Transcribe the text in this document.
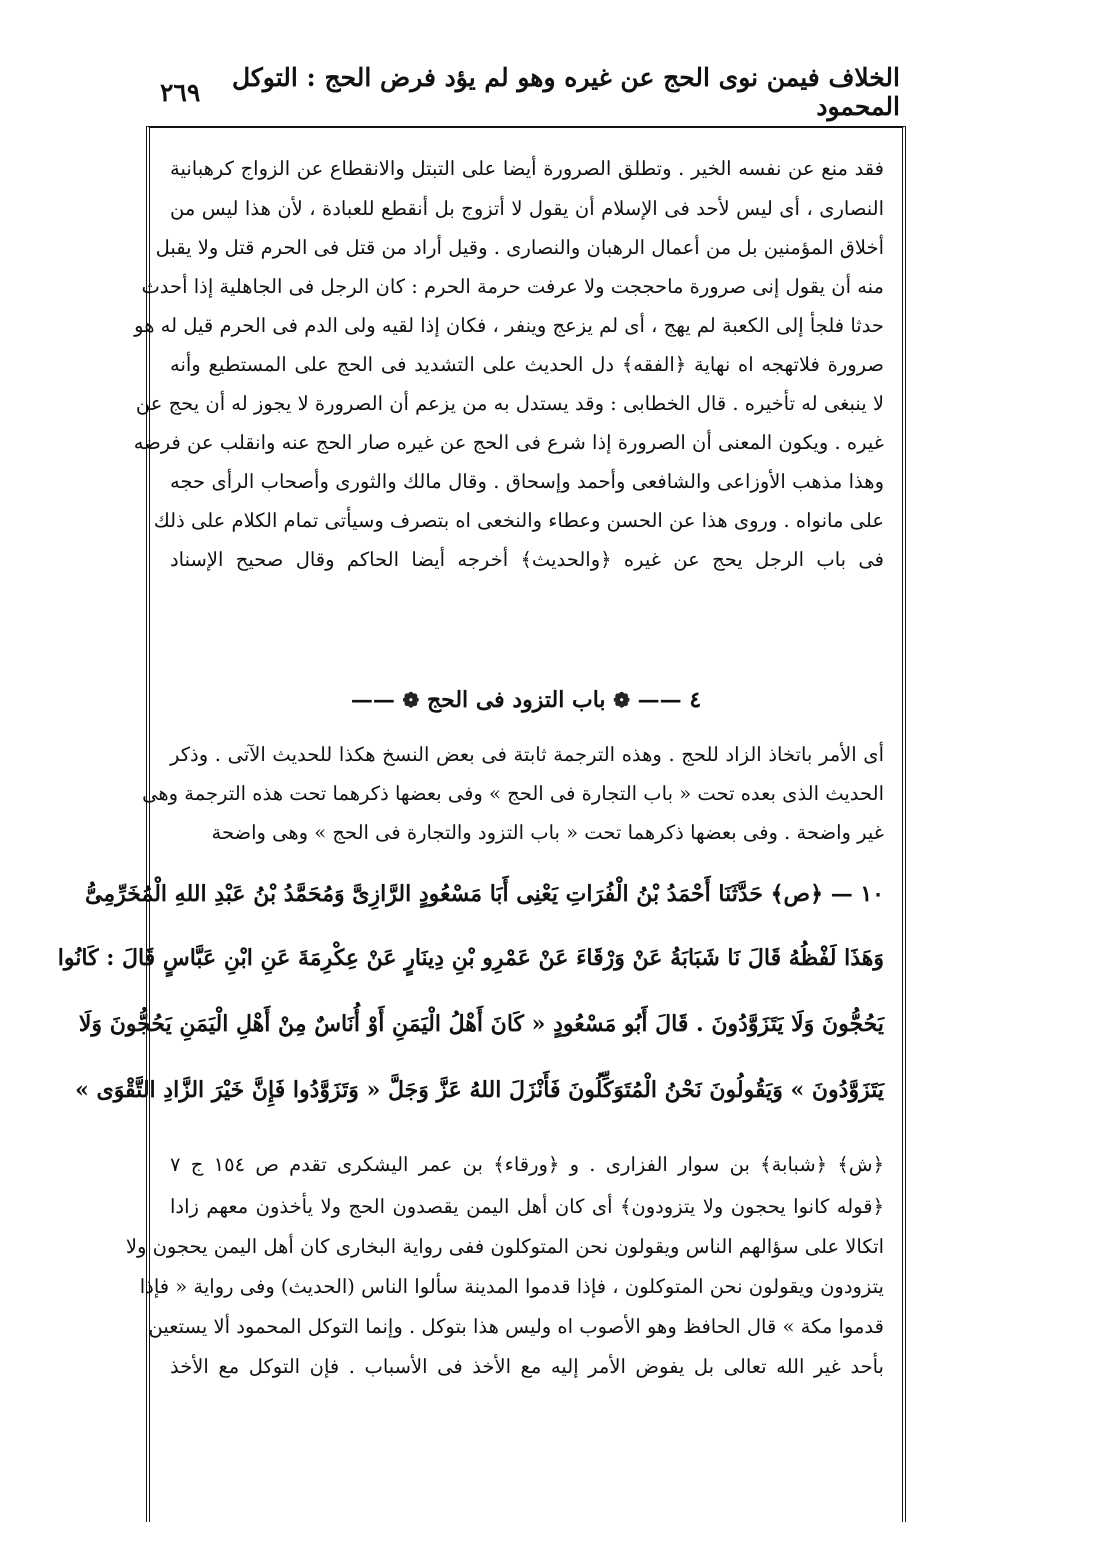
الخلاف فيمن نوى الحج عن غيره وهو لم يؤد فرض الحج : التوكل المحمود
٢٦٩
فقد منع عن نفسه الخير . وتطلق الصرورة أيضا على التبتل والانقطاع عن الزواج كرهبانية
النصارى ، أى ليس لأحد فى الإسلام أن يقول لا أتزوج بل أنقطع للعبادة ، لأن هذا ليس من
أخلاق المؤمنين بل من أعمال الرهبان والنصارى . وقيل أراد من قتل فى الحرم قتل ولا يقبل
منه أن يقول إنى صرورة ماحججت ولا عرفت حرمة الحرم : كان الرجل فى الجاهلية إذا أحدث
حدثا فلجأ إلى الكعبة لم يهج ، أى لم يزعج وينفر ، فكان إذا لقيه ولى الدم فى الحرم قيل له هو
صرورة فلاتهجه اه نهاية ﴿الفقه﴾ دل الحديث على التشديد فى الحج على المستطيع وأنه
لا ينبغى له تأخيره . قال الخطابى : وقد يستدل به من يزعم أن الصرورة لا يجوز له أن يحج عن
غيره . ويكون المعنى أن الصرورة إذا شرع فى الحج عن غيره صار الحج عنه وانقلب عن فرضه
وهذا مذهب الأوزاعى والشافعى وأحمد وإسحاق . وقال مالك والثورى وأصحاب الرأى حجه
على مانواه . وروى هذا عن الحسن وعطاء والنخعى اه بتصرف وسيأتى تمام الكلام على ذلك
فى باب الرجل يحج عن غيره ﴿والحديث﴾ أخرجه أيضا الحاكم وقال صحيح الإسناد
٤ —— ❁ باب التزود فى الحج ❁ ——
أى الأمر باتخاذ الزاد للحج . وهذه الترجمة ثابتة فى بعض النسخ هكذا للحديث الآتى . وذكر
الحديث الذى بعده تحت « باب التجارة فى الحج » وفى بعضها ذكرهما تحت هذه الترجمة وهى
غير واضحة . وفى بعضها ذكرهما تحت « باب التزود والتجارة فى الحج » وهى واضحة
١٠ — ﴿ص﴾ حَدَّثَنَا أَحْمَدُ بْنُ الْفُرَاتِ يَعْنِى أَبَا مَسْعُودٍ الرَّازِىَّ وَمُحَمَّدُ بْنُ عَبْدِ اللهِ الْمُخَرِّمِىُّ
وَهَذَا لَفْظُهُ قَالَ نَا شَبَابَةُ عَنْ وَرْقَاءَ عَنْ عَمْرِو بْنِ دِينَارٍ عَنْ عِكْرِمَةَ عَنِ ابْنِ عَبَّاسٍ قَالَ : كَانُوا
يَحُجُّونَ وَلَا يَتَزَوَّدُونَ . قَالَ أَبُو مَسْعُودٍ « كَانَ أَهْلُ الْيَمَنِ أَوْ أُنَاسٌ مِنْ أَهْلِ الْيَمَنِ يَحُجُّونَ وَلَا
يَتَزَوَّدُونَ » وَيَقُولُونَ نَحْنُ الْمُتَوَكِّلُونَ فَأَنْزَلَ اللهُ عَزَّ وَجَلَّ « وَتَزَوَّدُوا فَإِنَّ خَيْرَ الزَّادِ التَّقْوَى »
﴿ش﴾ ﴿شبابة﴾ بن سوار الفزارى . و ﴿ورقاء﴾ بن عمر اليشكرى تقدم ص ١٥٤ ج ٧
﴿قوله كانوا يحجون ولا يتزودون﴾ أى كان أهل اليمن يقصدون الحج ولا يأخذون معهم زادا
اتكالا على سؤالهم الناس ويقولون نحن المتوكلون ففى رواية البخارى كان أهل اليمن يحجون ولا
يتزودون ويقولون نحن المتوكلون ، فإذا قدموا المدينة سألوا الناس (الحديث) وفى رواية « فإذا
قدموا مكة » قال الحافظ وهو الأصوب اه وليس هذا بتوكل . وإنما التوكل المحمود ألا يستعين
بأحد غير الله تعالى بل يفوض الأمر إليه مع الأخذ فى الأسباب . فإن التوكل مع الأخذ
